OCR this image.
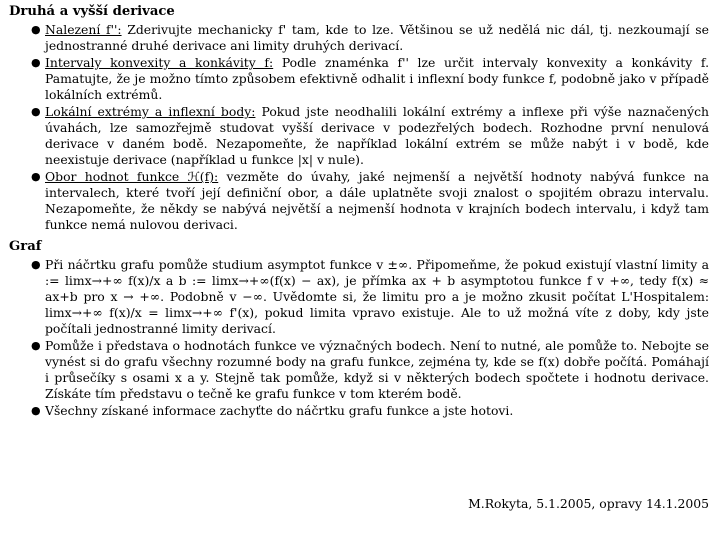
Druhá a vyšší derivace
● Nalezení f'': Zderivujte mechanicky f' tam, kde to lze. Většinou se už nedělá nic dál, tj. nezkoumají se jednostranné druhé derivace ani limity druhých derivací.
● Intervaly konvexity a konkávity f: Podle znaménka f'' lze určit intervaly konvexity a konkávity f. Pamatujte, že je možno tímto způsobem efektivně odhalit i inflexní body funkce f, podobně jako v případě lokálních extrémů.
● Lokální extrémy a inflexní body: Pokud jste neodhalili lokální extrémy a inflexe při výše naznačených úvahách, lze samozřejmě studovat vyšší derivace v podezřelých bodech. Rozhodne první nenulová derivace v daném bodě. Nezapomeňte, že například lokální extrém se může nabýt i v bodě, kde neexistuje derivace (například u funkce |x| v nule).
● Obor hodnot funkce ℋ(f): vezměte do úvahy, jaké nejmenší a největší hodnoty nabývá funkce na intervalech, které tvoří její definiční obor, a dále uplatněte svoji znalost o spojitém obrazu intervalu. Nezapomeňte, že někdy se nabývá největší a nejmenší hodnota v krajních bodech intervalu, i když tam funkce nemá nulovou derivaci.
Graf
● Při náčrtku grafu pomůže studium asymptot funkce v ±∞. Připomeňme, že pokud existují vlastní limity a := limx→+∞ f(x)/x a b := limx→+∞(f(x) − ax), je přímka ax + b asymptotou funkce f v +∞, tedy f(x) ≈ ax+b pro x → +∞. Podobně v −∞. Uvědomte si, že limitu pro a je možno zkusit počítat L'Hospitalem: limx→+∞ f(x)/x = limx→+∞ f'(x), pokud limita vpravo existuje. Ale to už možná víte z doby, kdy jste počítali jednostranné limity derivací.
● Pomůže i představa o hodnotách funkce ve význačných bodech. Není to nutné, ale pomůže to. Nebojte se vynést si do grafu všechny rozumné body na grafu funkce, zejména ty, kde se f(x) dobře počítá. Pomáhají i průsečíky s osami x a y. Stejně tak pomůže, když si v některých bodech spočtete i hodnotu derivace. Získáte tím představu o tečně ke grafu funkce v tom kterém bodě.
● Všechny získané informace zachyťte do náčrtku grafu funkce a jste hotovi.
M.Rokyta, 5.1.2005, opravy 14.1.2005
